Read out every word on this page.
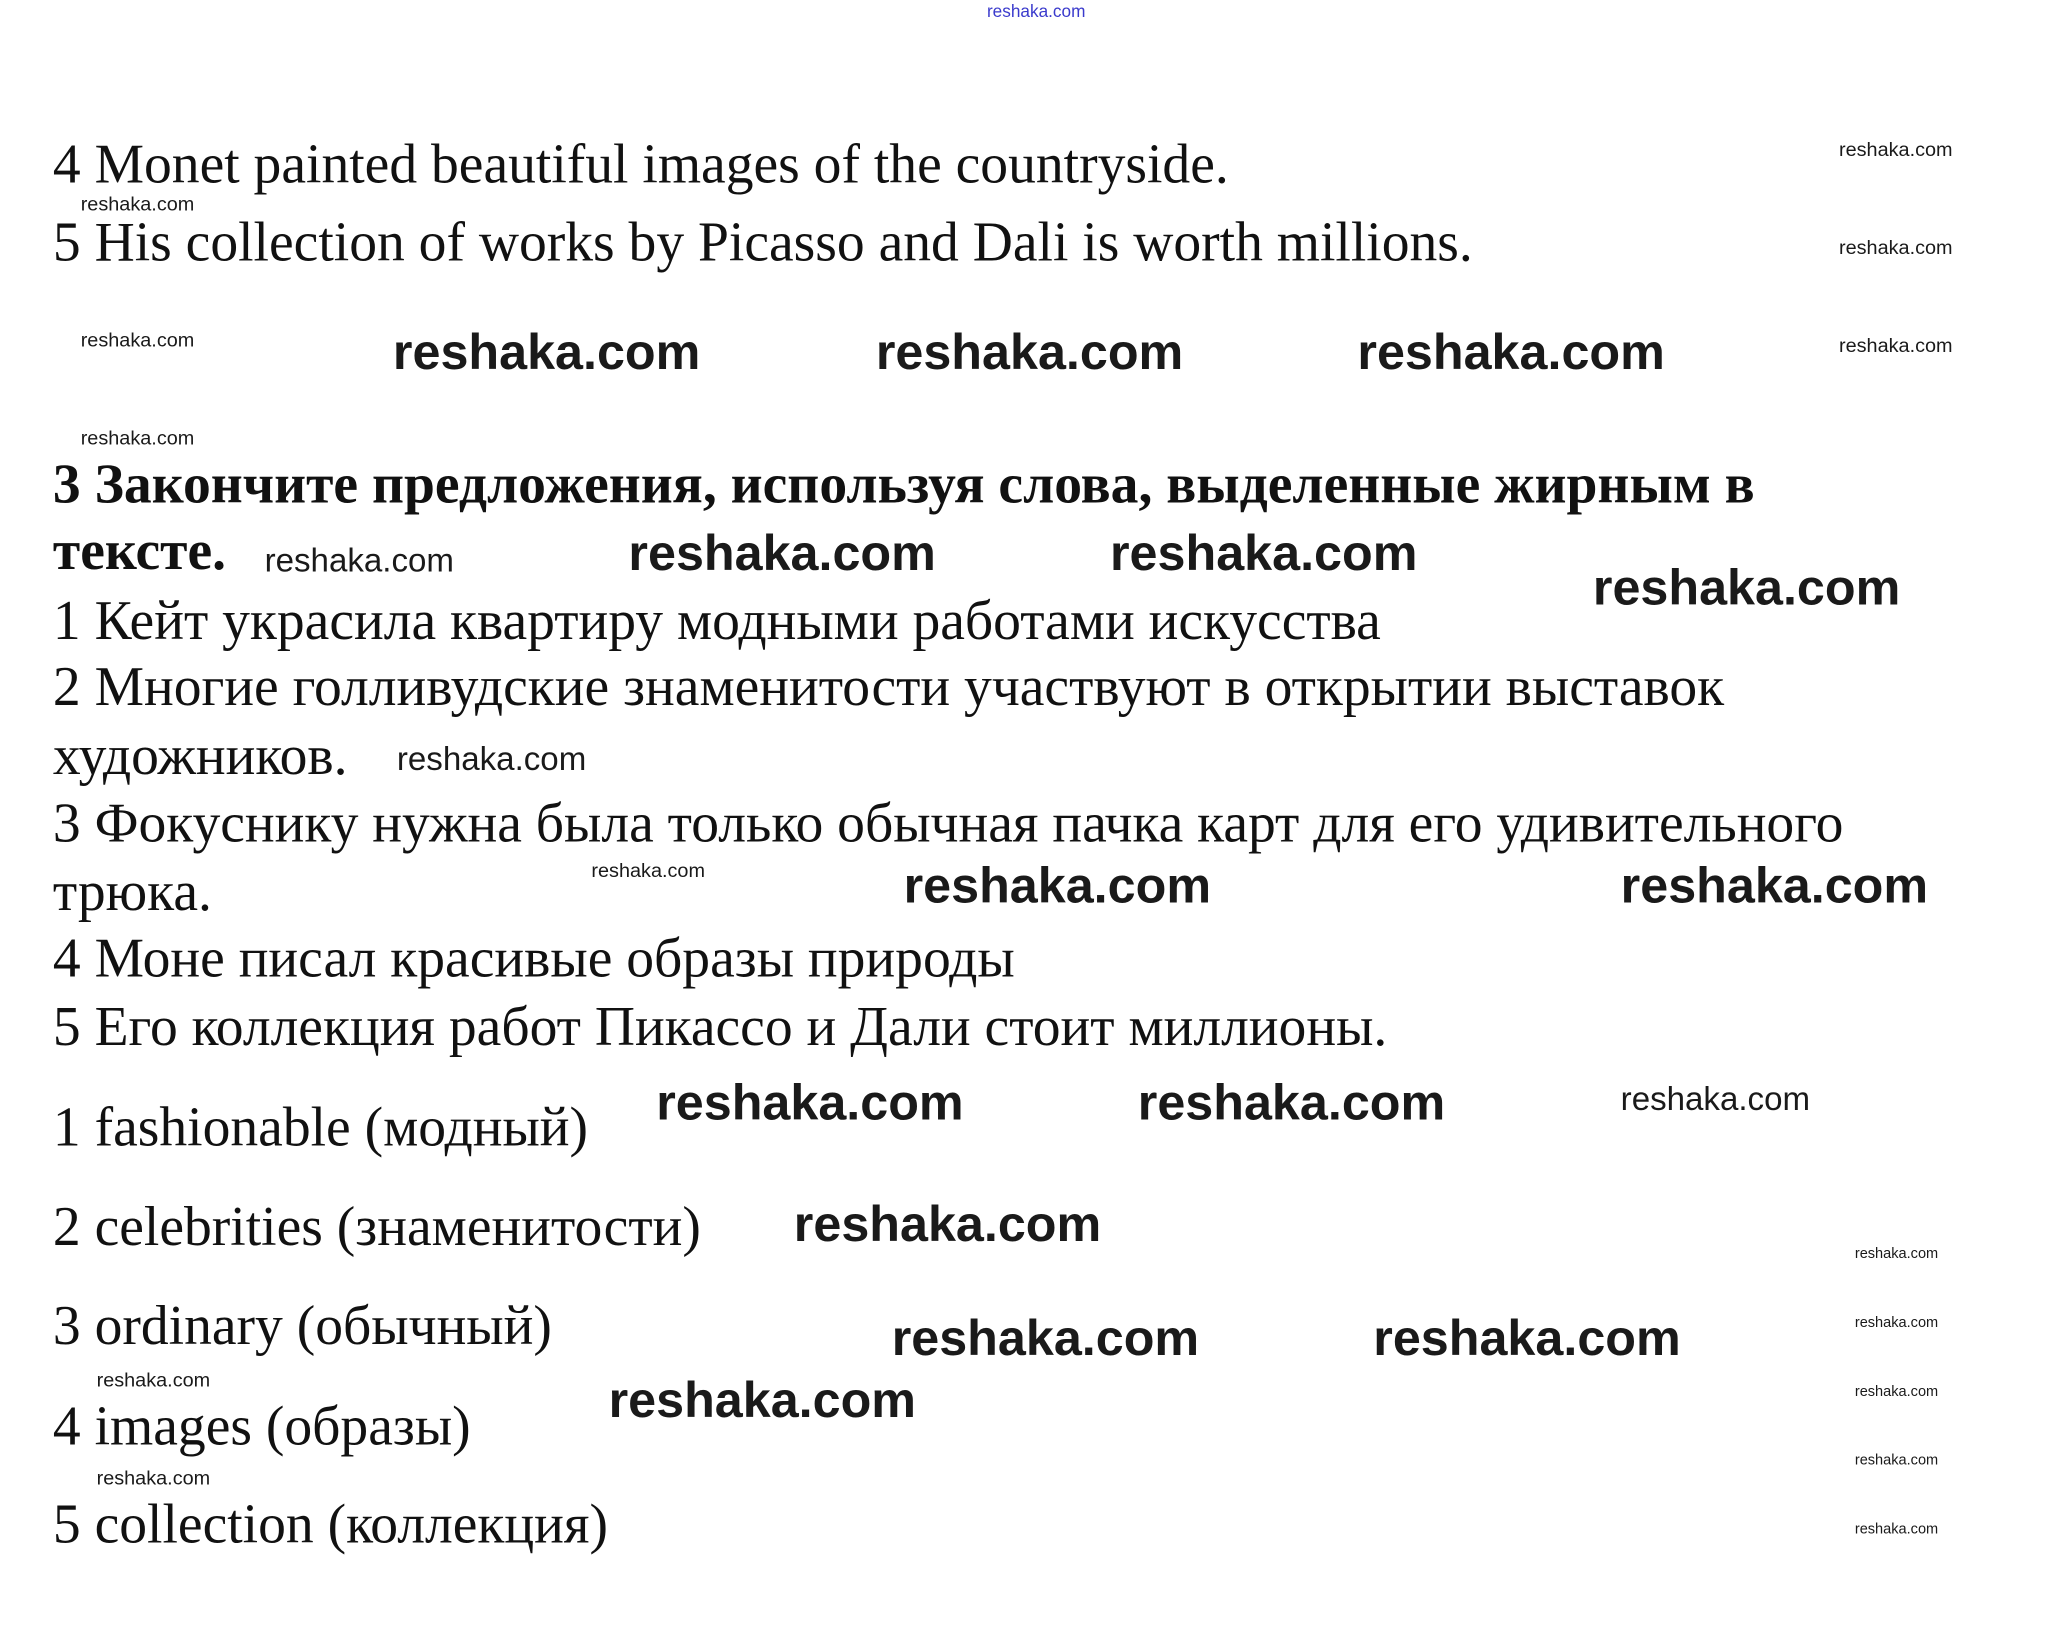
reshaka.com
4 Monet painted beautiful images of the countryside.
5 His collection of works by Picasso and Dali is worth millions.
3 Закончите предложения, используя слова, выделенные жирным в
тексте.
1 Кейт украсила квартиру модными работами искусства
2 Многие голливудские знаменитости участвуют в открытии выставок
художников.
3 Фокуснику нужна была только обычная пачка карт для его удивительного
трюка.
4 Моне писал красивые образы природы
5 Его коллекция работ Пикассо и Дали стоит миллионы.
1 fashionable (модный)
2 celebrities (знаменитости)
3 ordinary (обычный)
4 images (образы)
5 collection (коллекция)
reshaka.com
reshaka.com
reshaka.com
reshaka.com	reshaka.com
reshaka.com
reshaka.com
reshaka.com
reshaka.com
reshaka.com
reshaka.com
reshaka.com
reshaka.com
reshaka.com
reshaka.com
reshaka.com
reshaka.com
reshaka.com	reshaka.com	reshaka.com
reshaka.com	reshaka.com
reshaka.com
reshaka.com	reshaka.com
reshaka.com
reshaka.com	reshaka.com
reshaka.com	reshaka.com
reshaka.com
